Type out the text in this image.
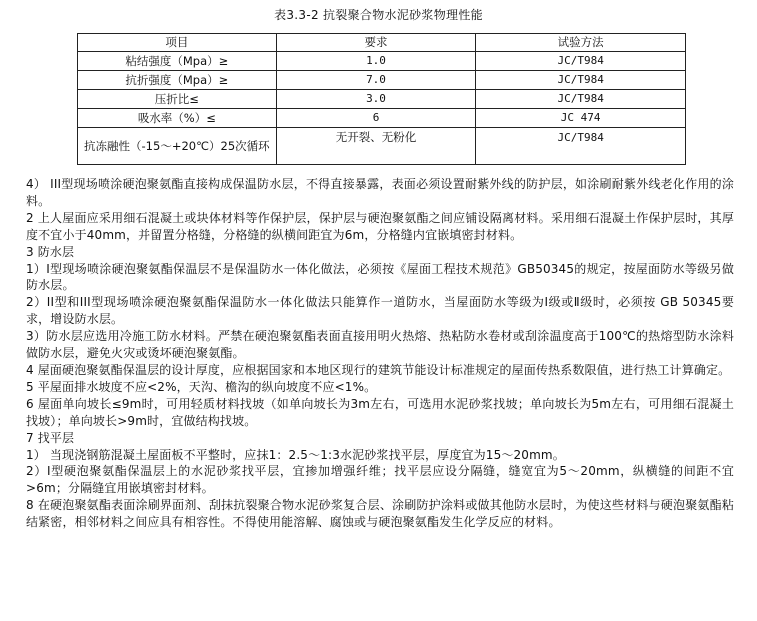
表3.3-2 抗裂聚合物水泥砂浆物理性能
项目	要求	试验方法
粘结强度（Mpa）≥	1.0	JC/T984
抗折强度（Mpa）≥	7.0	JC/T984
压折比≤	3.0	JC/T984
吸水率（%）≤	6	JC 474
抗冻融性（-15～+20℃）25次循环	无开裂、无粉化	JC/T984

4） III型现场喷涂硬泡聚氨酯直接构成保温防水层，不得直接暴露，表面必须设置耐紫外线的防护层，如涂刷耐紫外线老化作用的涂料。

2 上人屋面应采用细石混凝土或块体材料等作保护层，保护层与硬泡聚氨酯之间应铺设隔离材料。采用细石混凝土作保护层时，其厚度不宜小于40mm，并留置分格缝，分格缝的纵横间距宜为6m，分格缝内宜嵌填密封材料。

3 防水层

1）I型现场喷涂硬泡聚氨酯保温层不是保温防水一体化做法，必须按《屋面工程技术规范》GB50345的规定，按屋面防水等级另做防水层。

2）II型和III型现场喷涂硬泡聚氨酯保温防水一体化做法只能算作一道防水，当屋面防水等级为Ⅰ级或Ⅱ级时，必须按 GB 50345要求，增设防水层。

3）防水层应选用冷施工防水材料。严禁在硬泡聚氨酯表面直接用明火热熔、热粘防水卷材或刮涂温度高于100℃的热熔型防水涂料做防水层，避免火灾或烫坏硬泡聚氨酯。

4 屋面硬泡聚氨酯保温层的设计厚度，应根据国家和本地区现行的建筑节能设计标准规定的屋面传热系数限值，进行热工计算确定。

5 平屋面排水坡度不应<2%，天沟、檐沟的纵向坡度不应<1%。

6 屋面单向坡长≤9m时，可用轻质材料找坡（如单向坡长为3m左右，可选用水泥砂浆找坡；单向坡长为5m左右，可用细石混凝土找坡）；单向坡长>9m时，宜做结构找坡。

7 找平层

1） 当现浇钢筋混凝土屋面板不平整时，应抹1：2.5～1:3水泥砂浆找平层，厚度宜为15～20mm。

2）I型硬泡聚氨酯保温层上的水泥砂浆找平层，宜掺加增强纤维；找平层应设分隔缝，缝宽宜为5～20mm，纵横缝的间距不宜>6m；分隔缝宜用嵌填密封材料。

8 在硬泡聚氨酯表面涂刷界面剂、刮抹抗裂聚合物水泥砂浆复合层、涂刷防护涂料或做其他防水层时，为使这些材料与硬泡聚氨酯粘结紧密，相邻材料之间应具有相容性。不得使用能溶解、腐蚀或与硬泡聚氨酯发生化学反应的材料。
